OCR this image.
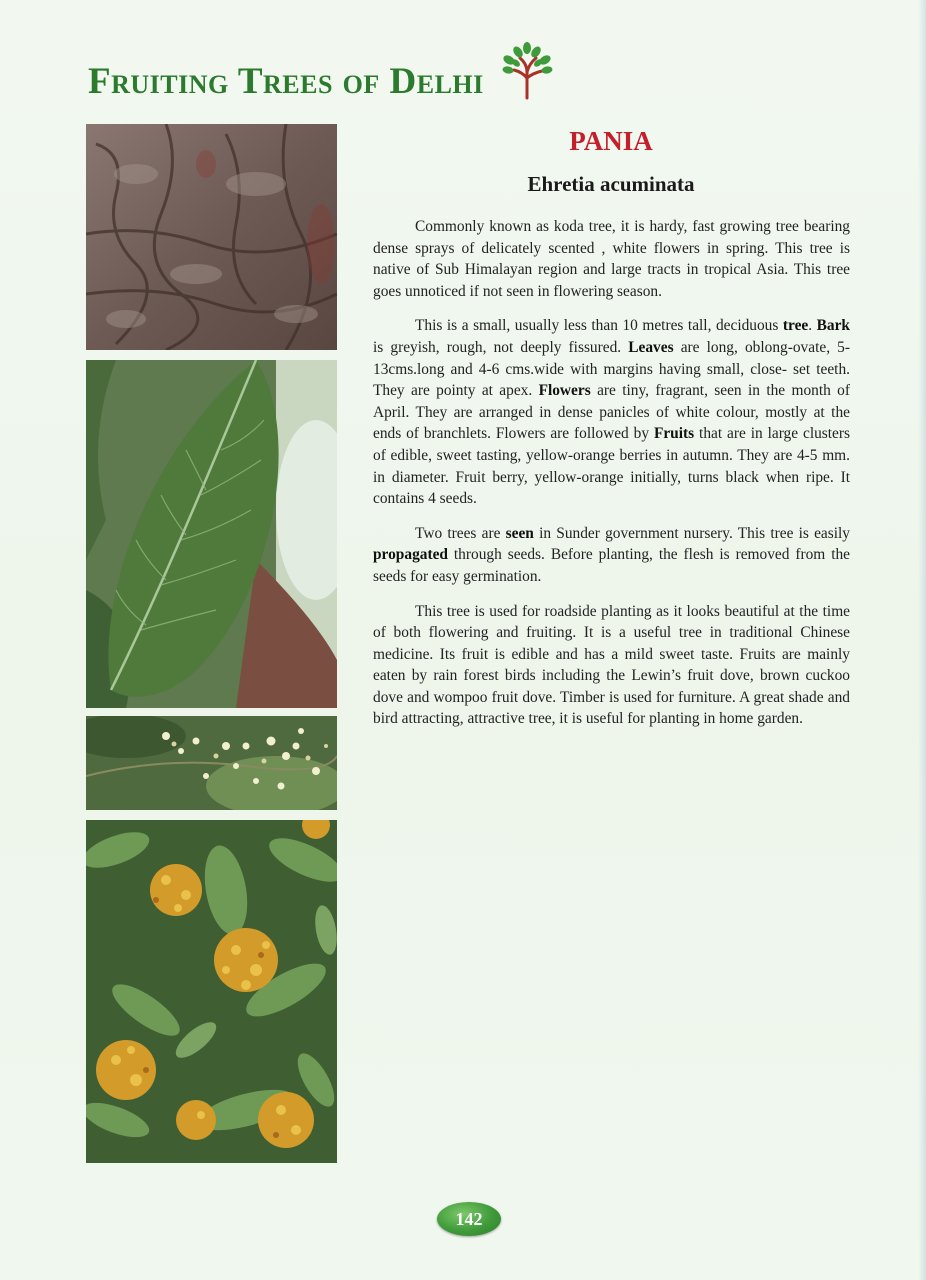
Fruiting Trees of Delhi
PANIA
Ehretia acuminata

Commonly known as koda tree, it is hardy, fast growing tree bearing dense sprays of delicately scented , white flowers in spring. This tree is native of Sub Himalayan region and large tracts in tropical Asia. This tree goes unnoticed if not seen in flowering season.

This is a small, usually less than 10 metres tall, deciduous tree. Bark is greyish, rough, not deeply fissured. Leaves are long, oblong-ovate, 5-13cms.long and 4-6 cms.wide with margins having small, close- set teeth. They are pointy at apex. Flowers are tiny, fragrant, seen in the month of April. They are arranged in dense panicles of white colour, mostly at the ends of branchlets. Flowers are followed by Fruits that are in large clusters of edible, sweet tasting, yellow-orange berries in autumn. They are 4-5 mm. in diameter. Fruit berry, yellow-orange initially, turns black when ripe. It contains 4 seeds.

Two trees are seen in Sunder government nursery. This tree is easily propagated through seeds. Before planting, the flesh is removed from the seeds for easy germination.

This tree is used for roadside planting as it looks beautiful at the time of both flowering and fruiting. It is a useful tree in traditional Chinese medicine. Its fruit is edible and has a mild sweet taste. Fruits are mainly eaten by rain forest birds including the Lewin’s fruit dove, brown cuckoo dove and wompoo fruit dove. Timber is used for furniture. A great shade and bird attracting, attractive tree, it is useful for planting in home garden.

142
